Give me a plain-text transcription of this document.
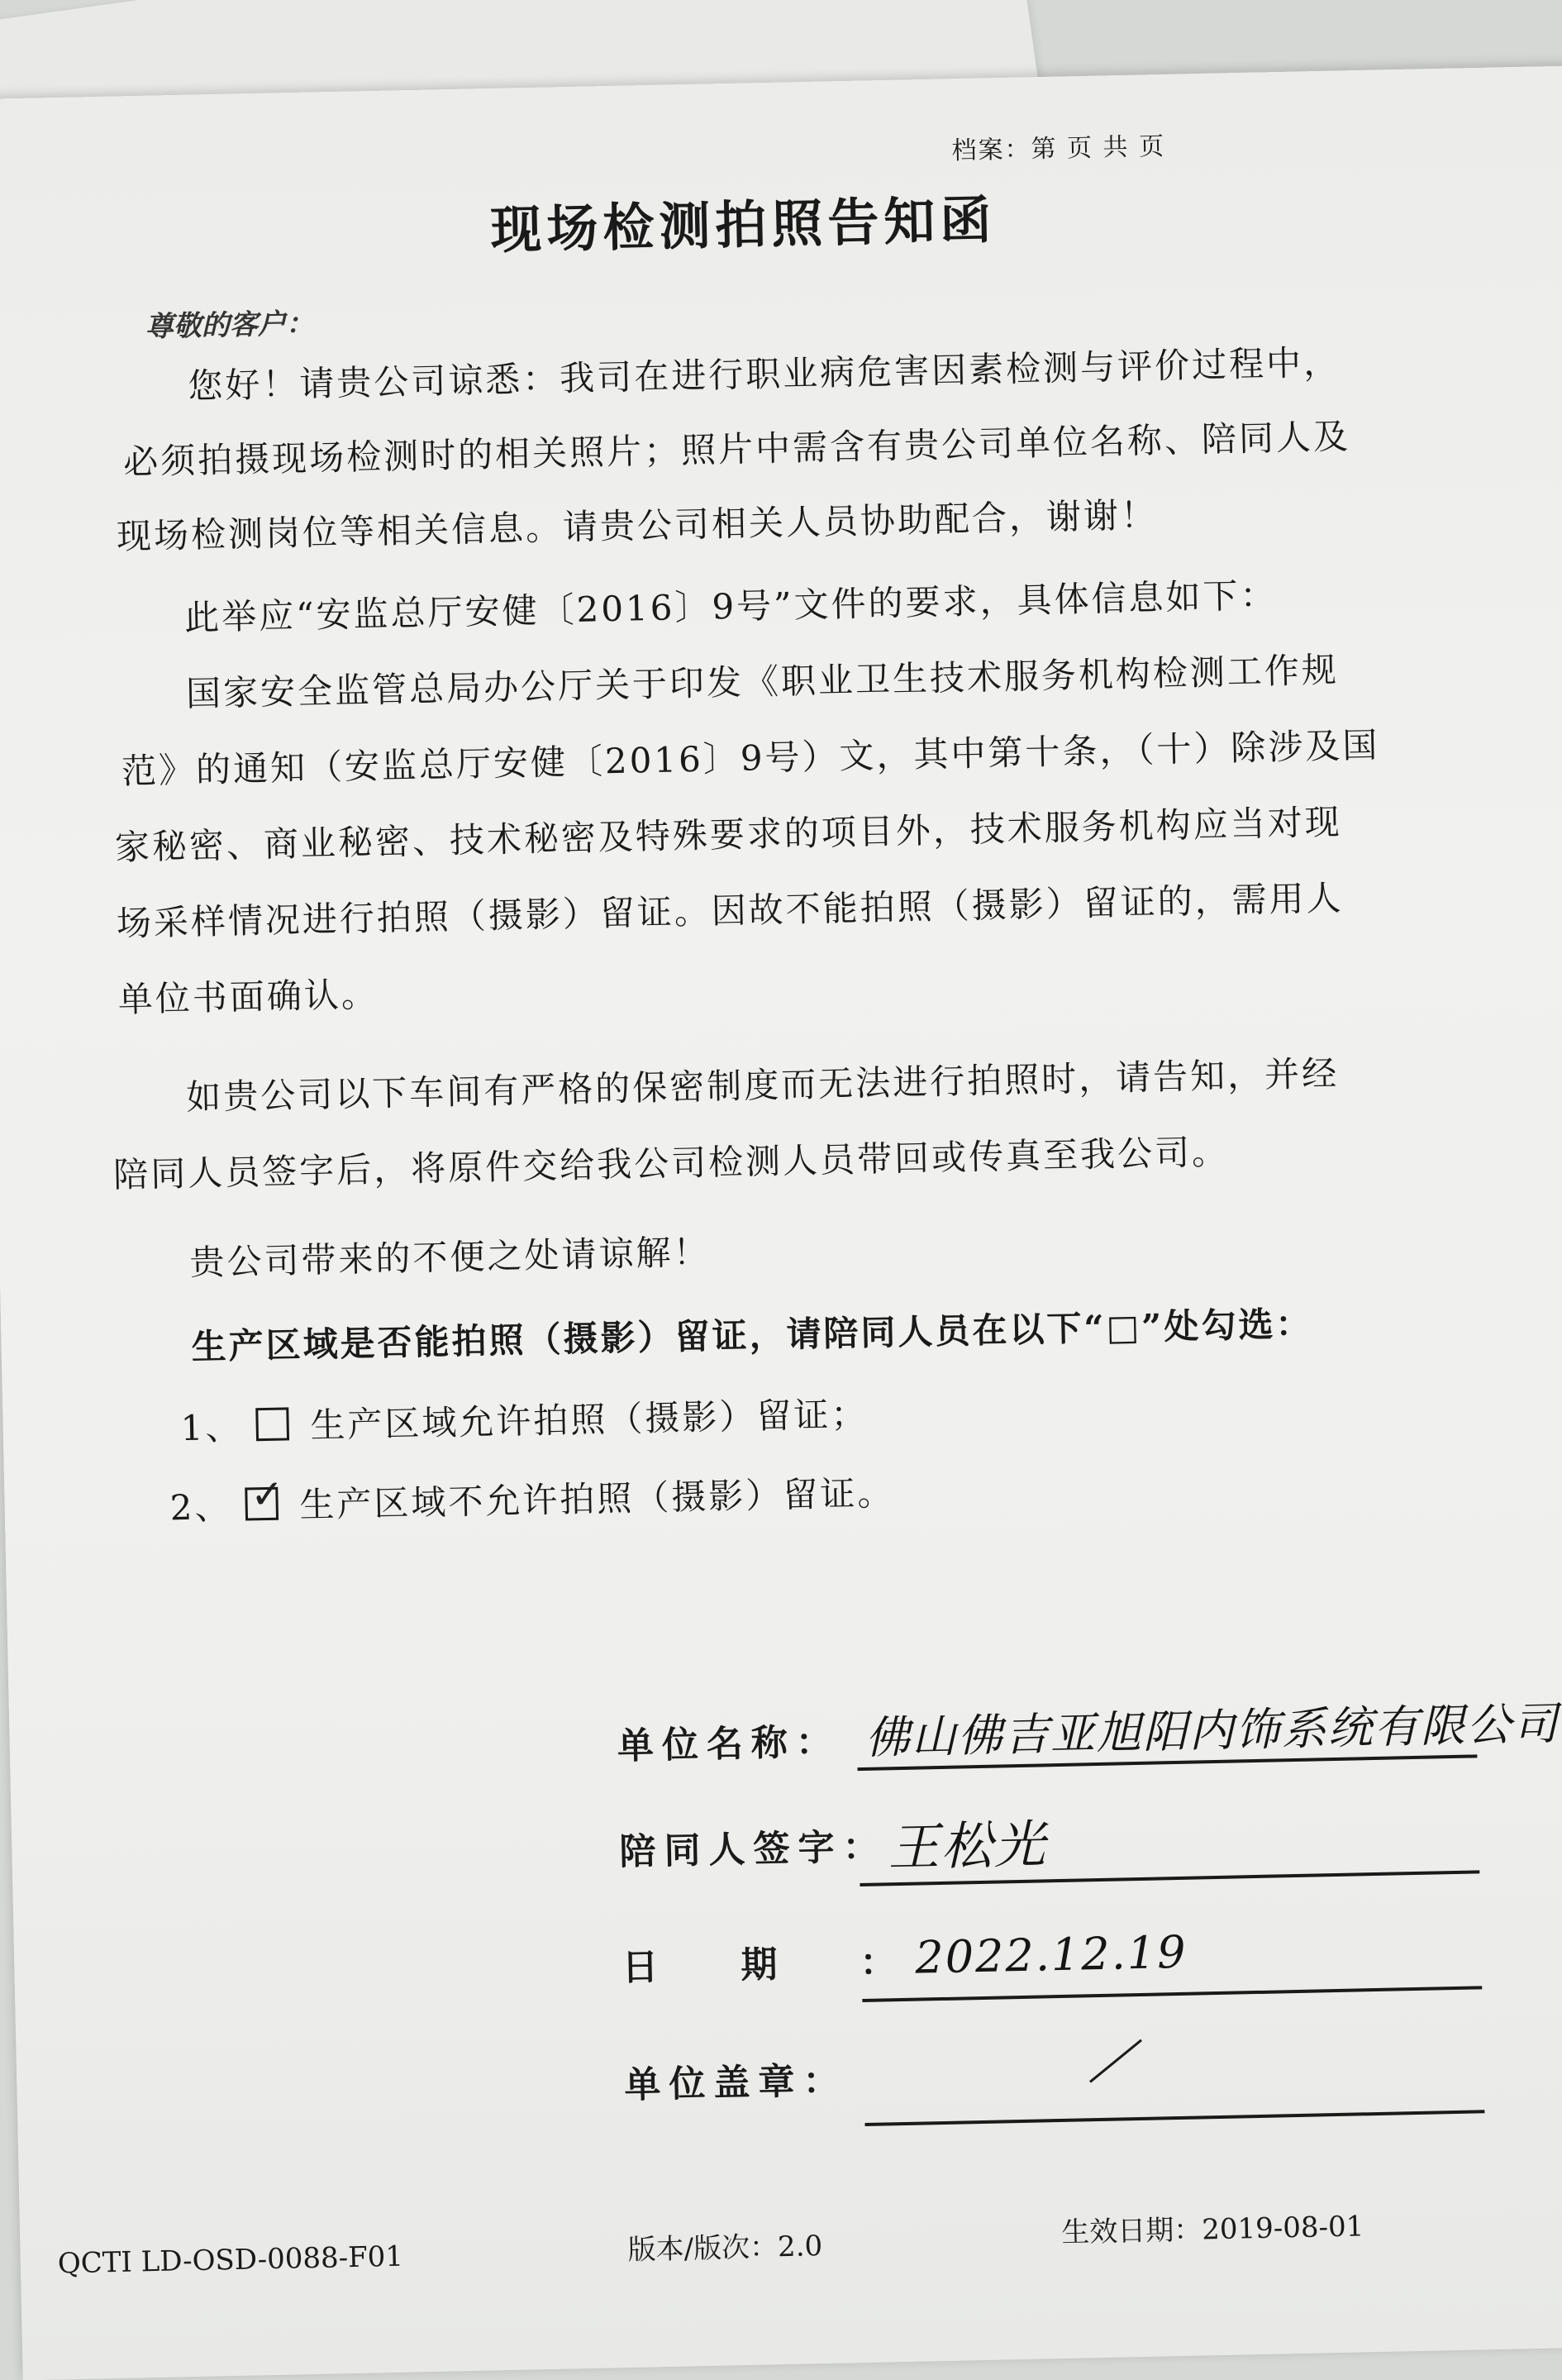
档案：第 页 共 页
现场检测拍照告知函
尊敬的客户：
您好！请贵公司谅悉：我司在进行职业病危害因素检测与评价过程中，
必须拍摄现场检测时的相关照片；照片中需含有贵公司单位名称、陪同人及
现场检测岗位等相关信息。请贵公司相关人员协助配合，谢谢！
此举应“安监总厅安健〔2016〕9号”文件的要求，具体信息如下：
国家安全监管总局办公厅关于印发《职业卫生技术服务机构检测工作规
范》的通知（安监总厅安健〔2016〕9号）文，其中第十条，（十）除涉及国
家秘密、商业秘密、技术秘密及特殊要求的项目外，技术服务机构应当对现
场采样情况进行拍照（摄影）留证。因故不能拍照（摄影）留证的，需用人
单位书面确认。
如贵公司以下车间有严格的保密制度而无法进行拍照时，请告知，并经
陪同人员签字后，将原件交给我公司检测人员带回或传真至我公司。
贵公司带来的不便之处请谅解！
生产区域是否能拍照（摄影）留证，请陪同人员在以下“□”处勾选：
1、 生产区域允许拍照（摄影）留证；
2、 ✓ 生产区域不允许拍照（摄影）留证。
单位名称： 佛山佛吉亚旭阳内饰系统有限公司
陪同人签字： 王松光
日　期　：
2022.12.19
单位盖章：
QCTI LD-OSD-0088-F01	版本/版次：2.0	生效日期：2019-08-01
